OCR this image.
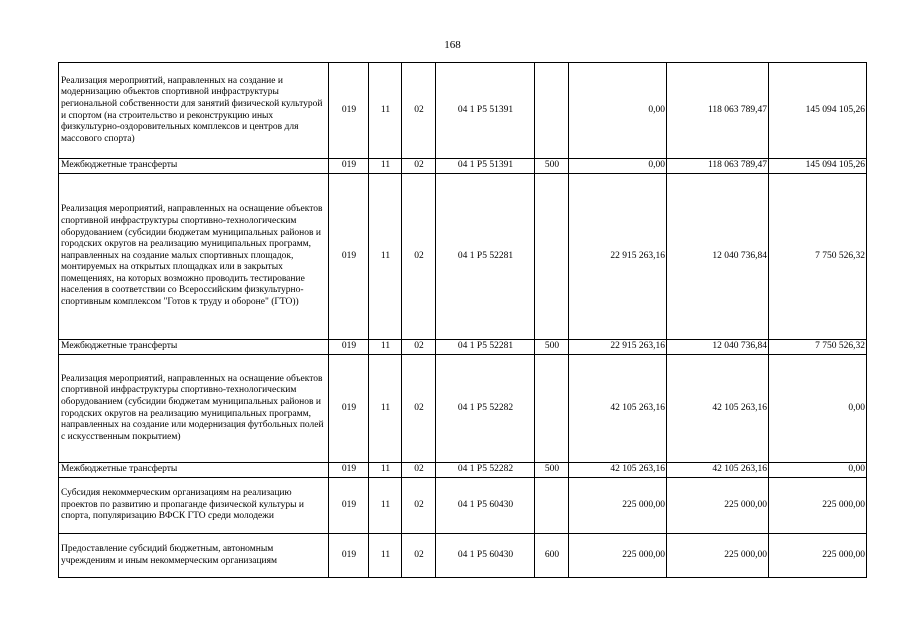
168
Реализация мероприятий, направленных на создание и модернизацию объектов спортивной инфраструктуры региональной собственности для занятий физической культурой и спортом (на строительство и реконструкцию иных физкультурно-оздоровительных комплексов и центров для массового спорта)	019	11	02	04 1 P5 51391		0,00	118 063 789,47	145 094 105,26
Межбюджетные трансферты	019	11	02	04 1 P5 51391	500	0,00	118 063 789,47	145 094 105,26
Реализация мероприятий, направленных на оснащение объектов спортивной инфраструктуры спортивно-технологическим оборудованием (субсидии бюджетам муниципальных районов и городских округов на реализацию муниципальных программ, направленных на создание малых спортивных площадок, монтируемых на открытых площадках или в закрытых помещениях, на которых возможно проводить тестирование населения в соответствии со Всероссийским физкультурно-спортивным комплексом "Готов к труду и обороне" (ГТО))	019	11	02	04 1 P5 52281		22 915 263,16	12 040 736,84	7 750 526,32
Межбюджетные трансферты	019	11	02	04 1 P5 52281	500	22 915 263,16	12 040 736,84	7 750 526,32
Реализация мероприятий, направленных на оснащение объектов спортивной инфраструктуры спортивно-технологическим оборудованием (субсидии бюджетам муниципальных районов и городских округов на реализацию муниципальных программ, направленных на создание или модернизация футбольных полей с искусственным покрытием)	019	11	02	04 1 P5 52282		42 105 263,16	42 105 263,16	0,00
Межбюджетные трансферты	019	11	02	04 1 P5 52282	500	42 105 263,16	42 105 263,16	0,00
Субсидия некоммерческим организациям на реализацию проектов по развитию и пропаганде физической культуры и спорта, популяризацию ВФСК ГТО среди молодежи	019	11	02	04 1 P5 60430		225 000,00	225 000,00	225 000,00
Предоставление субсидий бюджетным, автономным учреждениям и иным некоммерческим организациям	019	11	02	04 1 P5 60430	600	225 000,00	225 000,00	225 000,00
